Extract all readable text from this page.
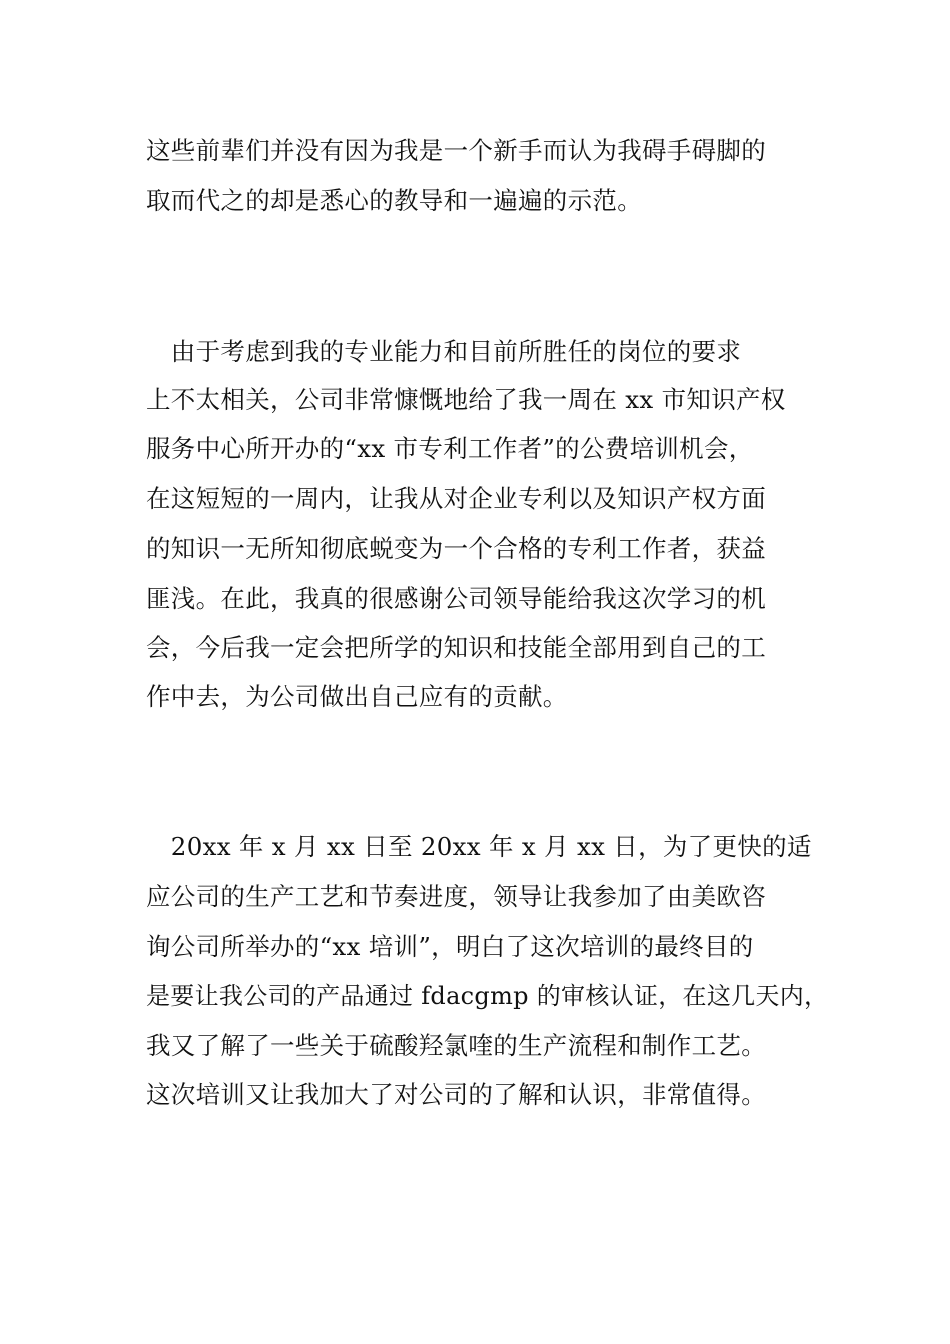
这些前辈们并没有因为我是一个新手而认为我碍手碍脚的
取而代之的却是悉心的教导和一遍遍的示范。
　由于考虑到我的专业能力和目前所胜任的岗位的要求
上不太相关，公司非常慷慨地给了我一周在 xx 市知识产权
服务中心所开办的“xx 市专利工作者”的公费培训机会，
在这短短的一周内，让我从对企业专利以及知识产权方面
的知识一无所知彻底蜕变为一个合格的专利工作者，获益
匪浅。在此，我真的很感谢公司领导能给我这次学习的机
会，今后我一定会把所学的知识和技能全部用到自己的工
作中去，为公司做出自己应有的贡献。
　20xx 年 x 月 xx 日至 20xx 年 x 月 xx 日，为了更快的适
应公司的生产工艺和节奏进度，领导让我参加了由美欧咨
询公司所举办的“xx 培训”，明白了这次培训的最终目的
是要让我公司的产品通过 fdacgmp 的审核认证，在这几天内，
我又了解了一些关于硫酸羟氯喹的生产流程和制作工艺。
这次培训又让我加大了对公司的了解和认识，非常值得。
